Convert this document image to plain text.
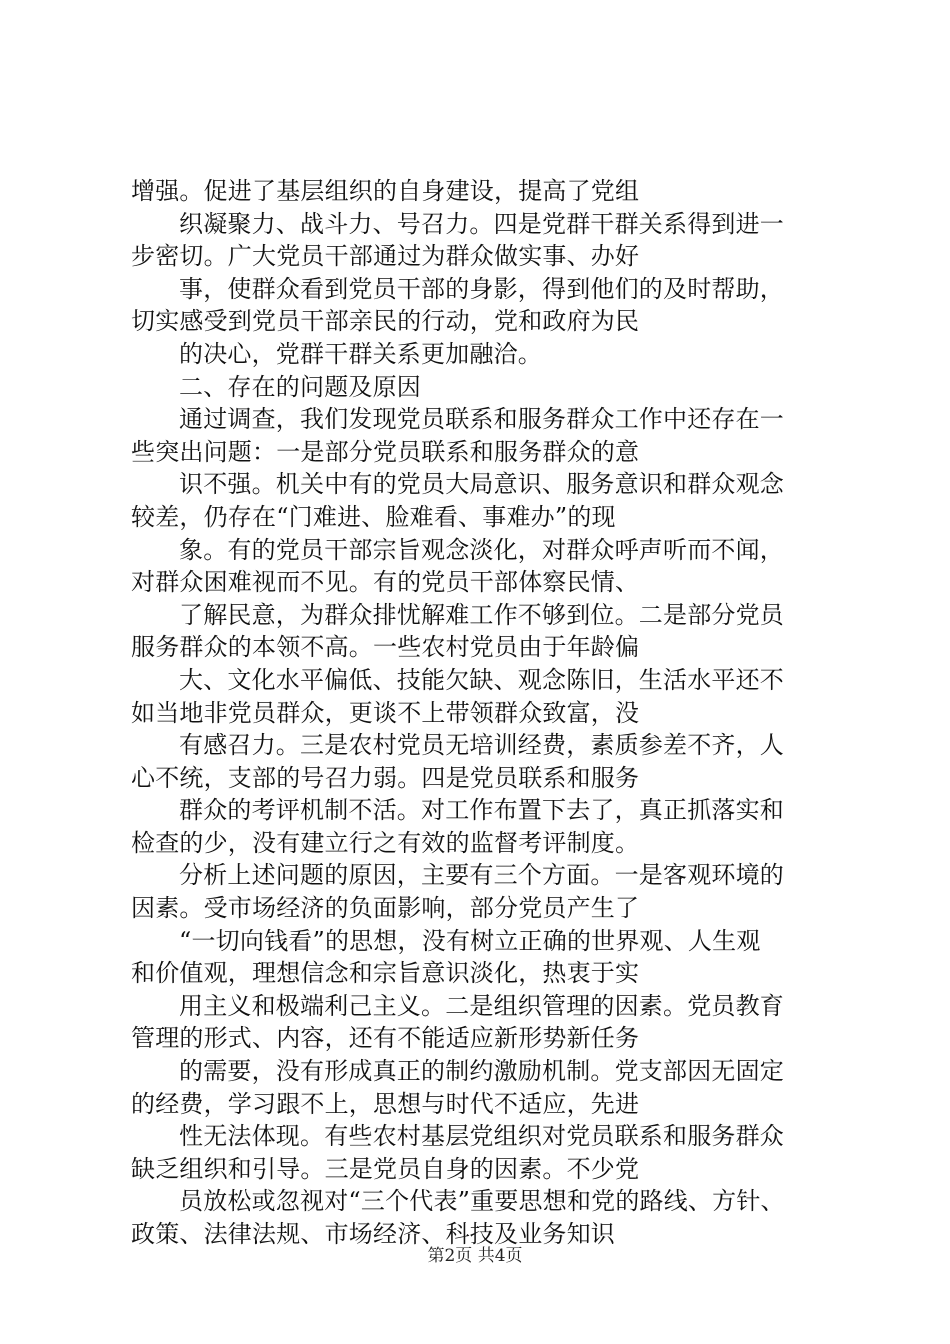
增强。促进了基层组织的自身建设，提高了党组
织凝聚力、战斗力、号召力。四是党群干群关系得到进一
步密切。广大党员干部通过为群众做实事、办好
事，使群众看到党员干部的身影，得到他们的及时帮助，
切实感受到党员干部亲民的行动，党和政府为民
的决心，党群干群关系更加融洽。
二、存在的问题及原因
通过调查，我们发现党员联系和服务群众工作中还存在一
些突出问题：一是部分党员联系和服务群众的意
识不强。机关中有的党员大局意识、服务意识和群众观念
较差，仍存在“门难进、脸难看、事难办”的现
象。有的党员干部宗旨观念淡化，对群众呼声听而不闻，
对群众困难视而不见。有的党员干部体察民情、
了解民意，为群众排忧解难工作不够到位。二是部分党员
服务群众的本领不高。一些农村党员由于年龄偏
大、文化水平偏低、技能欠缺、观念陈旧，生活水平还不
如当地非党员群众，更谈不上带领群众致富，没
有感召力。三是农村党员无培训经费，素质参差不齐，人
心不统，支部的号召力弱。四是党员联系和服务
群众的考评机制不活。对工作布置下去了，真正抓落实和
检查的少，没有建立行之有效的监督考评制度。
分析上述问题的原因，主要有三个方面。一是客观环境的
因素。受市场经济的负面影响，部分党员产生了
“一切向钱看”的思想，没有树立正确的世界观、人生观
和价值观，理想信念和宗旨意识淡化，热衷于实
用主义和极端利己主义。二是组织管理的因素。党员教育
管理的形式、内容，还有不能适应新形势新任务
的需要，没有形成真正的制约激励机制。党支部因无固定
的经费，学习跟不上，思想与时代不适应，先进
性无法体现。有些农村基层党组织对党员联系和服务群众
缺乏组织和引导。三是党员自身的因素。不少党
员放松或忽视对“三个代表”重要思想和党的路线、方针、
政策、法律法规、市场经济、科技及业务知识
第2页 共4页
